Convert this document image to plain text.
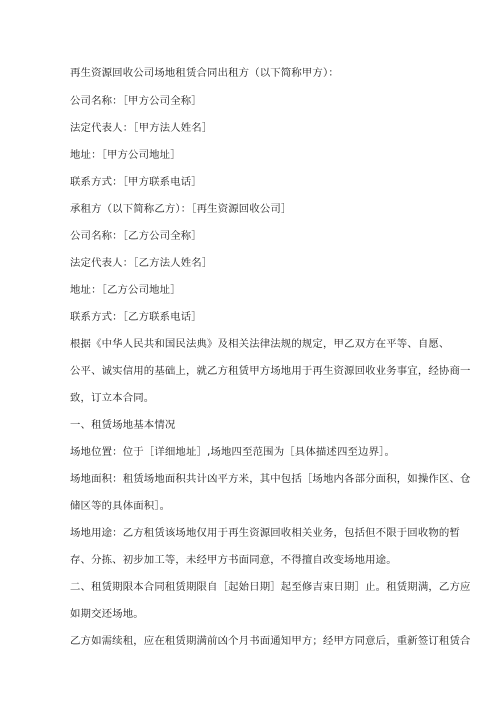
再生资源回收公司场地租赁合同出租方（以下简称甲方）：

公司名称：［甲方公司全称］

法定代表人：［甲方法人姓名］

地址：［甲方公司地址］

联系方式：［甲方联系电话］

承租方（以下简称乙方）：［再生资源回收公司］

公司名称：［乙方公司全称］

法定代表人：［乙方法人姓名］

地址：［乙方公司地址］

联系方式：［乙方联系电话］

根据《中华人民共和国民法典》及相关法律法规的规定，甲乙双方在平等、自愿、

公平、诚实信用的基础上，就乙方租赁甲方场地用于再生资源回收业务事宜，经协商一

致，订立本合同。

一、租赁场地基本情况

场地位置：位于［详细地址］,场地四至范围为［具体描述四至边界］。

场地面积：租赁场地面积共计凶平方米，其中包括［场地内各部分面积，如操作区、仓

储区等的具体面积］。

场地用途：乙方租赁该场地仅用于再生资源回收相关业务，包括但不限于回收物的暂

存、分拣、初步加工等，未经甲方书面同意，不得擅自改变场地用途。

二、租赁期限本合同租赁期限自［起始日期］起至修吉束日期］止。租赁期满，乙方应

如期交还场地。

乙方如需续租，应在租赁期满前凶个月书面通知甲方；经甲方同意后，重新签订租赁合
